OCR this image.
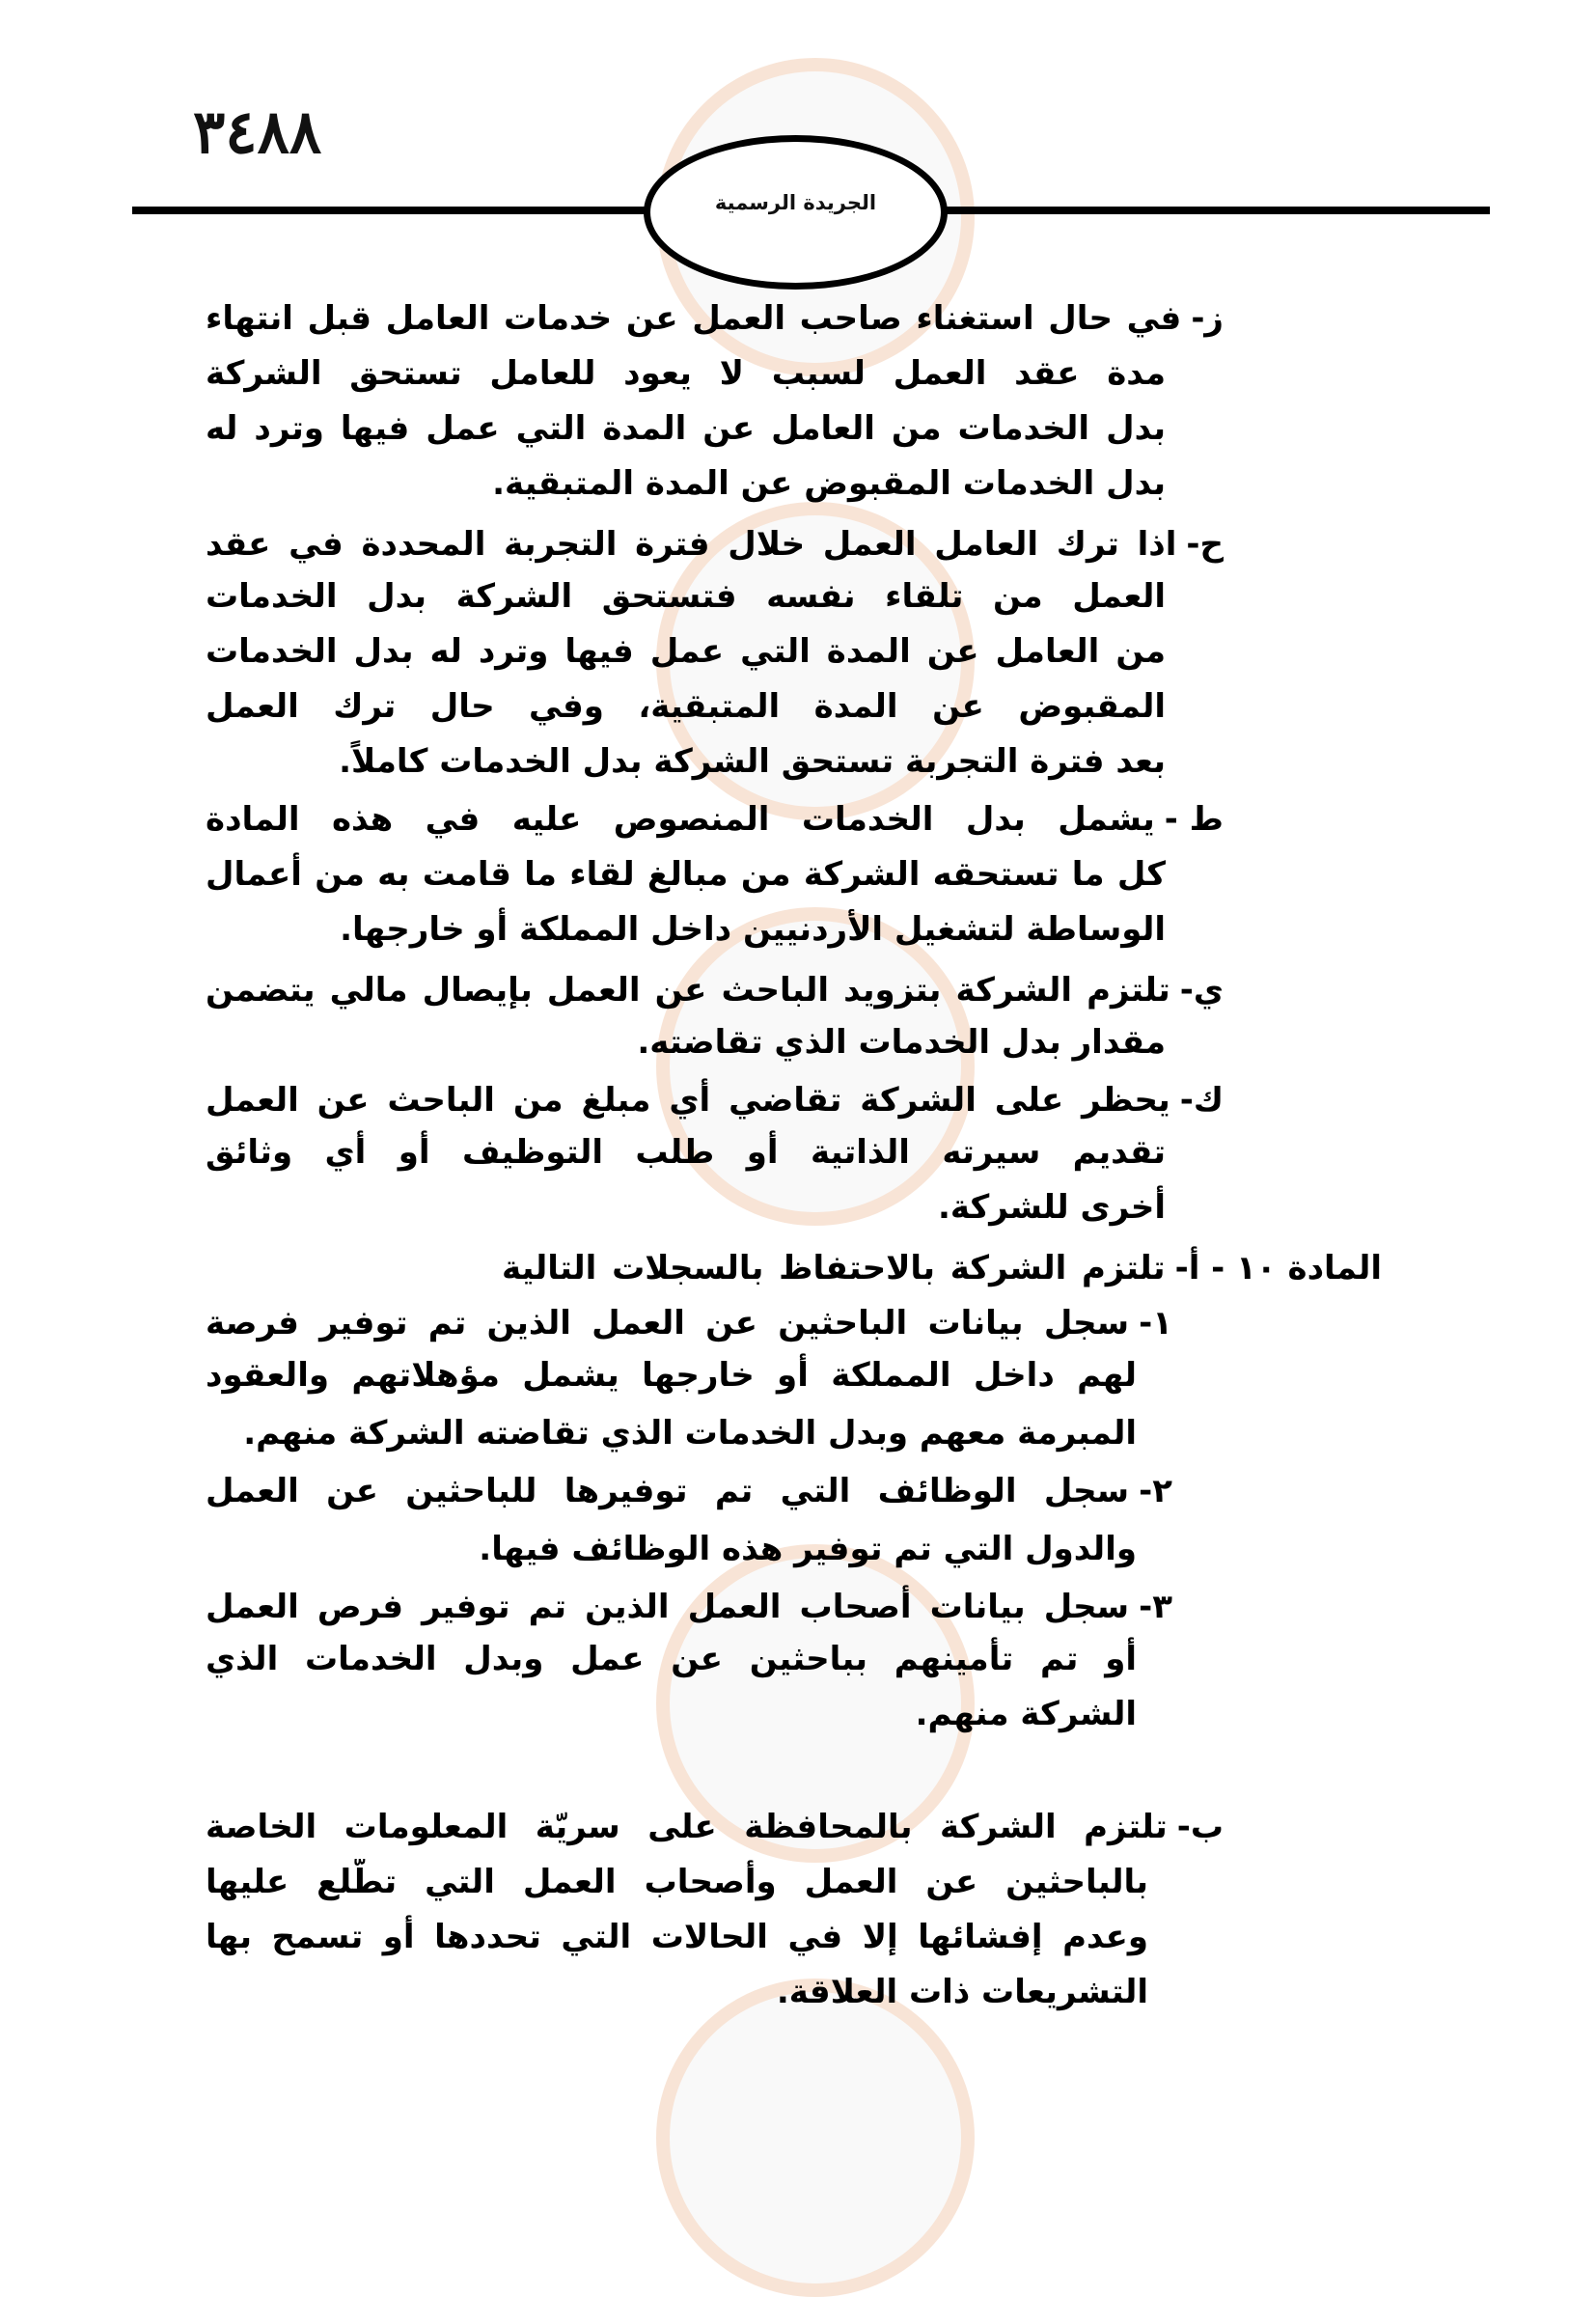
٣٤٨٨
الجريدة الرسمية
ز-
في حال استغناء صاحب العمل عن خدمات العامل قبل انتهاء
مدة عقد العمل لسبب لا يعود للعامل تستحق الشركة
بدل الخدمات من العامل عن المدة التي عمل فيها وترد له
بدل الخدمات المقبوض عن المدة المتبقية.
ح-
اذا ترك العامل العمل خلال فترة التجربة المحددة في عقد
العمل من تلقاء نفسه فتستحق الشركة بدل الخدمات
من العامل عن المدة التي عمل فيها وترد له بدل الخدمات
المقبوض عن المدة المتبقية، وفي حال ترك العمل
بعد فترة التجربة تستحق الشركة بدل الخدمات كاملاً.
ط -
يشمل بدل الخدمات المنصوص عليه في هذه المادة
كل ما تستحقه الشركة من مبالغ لقاء ما قامت به من أعمال
الوساطة لتشغيل الأردنيين داخل المملكة أو خارجها.
ي-
تلتزم الشركة بتزويد الباحث عن العمل بإيصال مالي يتضمن
مقدار بدل الخدمات الذي تقاضته.
ك-
يحظر على الشركة تقاضي أي مبلغ من الباحث عن العمل
تقديم سيرته الذاتية أو طلب التوظيف أو أي وثائق
أخرى للشركة.
المادة ١٠ - أ-
تلتزم الشركة بالاحتفاظ بالسجلات التالية
١-
سجل بيانات الباحثين عن العمل الذين تم توفير فرصة
لهم داخل المملكة أو خارجها يشمل مؤهلاتهم والعقود
المبرمة معهم وبدل الخدمات الذي تقاضته الشركة منهم.
٢-
سجل الوظائف التي تم توفيرها للباحثين عن العمل
والدول التي تم توفير هذه الوظائف فيها.
٣-
سجل بيانات أصحاب العمل الذين تم توفير فرص العمل
أو تم تأمينهم بباحثين عن عمل وبدل الخدمات الذي
الشركة منهم.
ب-
تلتزم الشركة بالمحافظة على سريّة المعلومات الخاصة
بالباحثين عن العمل وأصحاب العمل التي تطّلع عليها
وعدم إفشائها إلا في الحالات التي تحددها أو تسمح بها
التشريعات ذات العلاقة.
